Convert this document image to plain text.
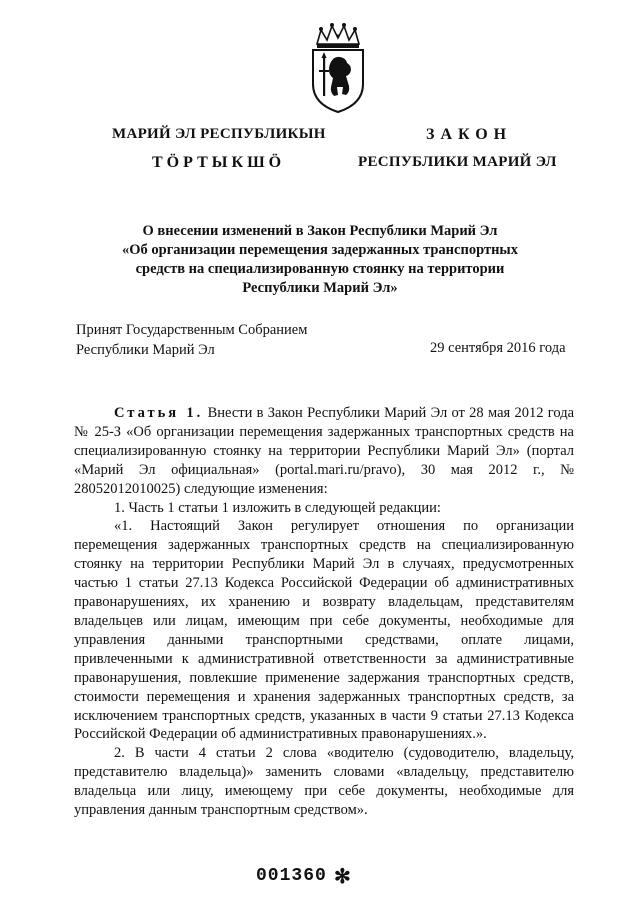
МАРИЙ ЭЛ РЕСПУБЛИКЫН
ТӦРТЫКШӦ
ЗАКОН
РЕСПУБЛИКИ МАРИЙ ЭЛ
О внесении изменений в Закон Республики Марий Эл
«Об организации перемещения задержанных транспортных
средств на специализированную стоянку на территории
Республики Марий Эл»
Принят Государственным Собранием
Республики Марий Эл	29 сентября 2016 года

Статья 1. Внести в Закон Республики Марий Эл от 28 мая 2012 года № 25-З «Об организации перемещения задержанных транспортных средств на специализированную стоянку на территории Республики Марий Эл» (портал «Марий Эл официальная» (portal.mari.ru/pravo), 30 мая 2012 г., № 28052012010025) следующие изменения:

1. Часть 1 статьи 1 изложить в следующей редакции:

«1. Настоящий Закон регулирует отношения по организации перемещения задержанных транспортных средств на специализированную стоянку на территории Республики Марий Эл в случаях, предусмотренных частью 1 статьи 27.13 Кодекса Российской Федерации об административных правонарушениях, их хранению и возврату владельцам, представителям владельцев или лицам, имеющим при себе документы, необходимые для управления данными транспортными средствами, оплате лицами, привлеченными к административной ответственности за административные правонарушения, повлекшие применение задержания транспортных средств, стоимости перемещения и хранения задержанных транспортных средств, за исключением транспортных средств, указанных в части 9 статьи 27.13 Кодекса Российской Федерации об административных правонарушениях.».

2. В части 4 статьи 2 слова «водителю (судоводителю, владельцу, представителю владельца)» заменить словами «владельцу, представителю владельца или лицу, имеющему при себе документы, необходимые для управления данным транспортным средством».

001360 ✻
